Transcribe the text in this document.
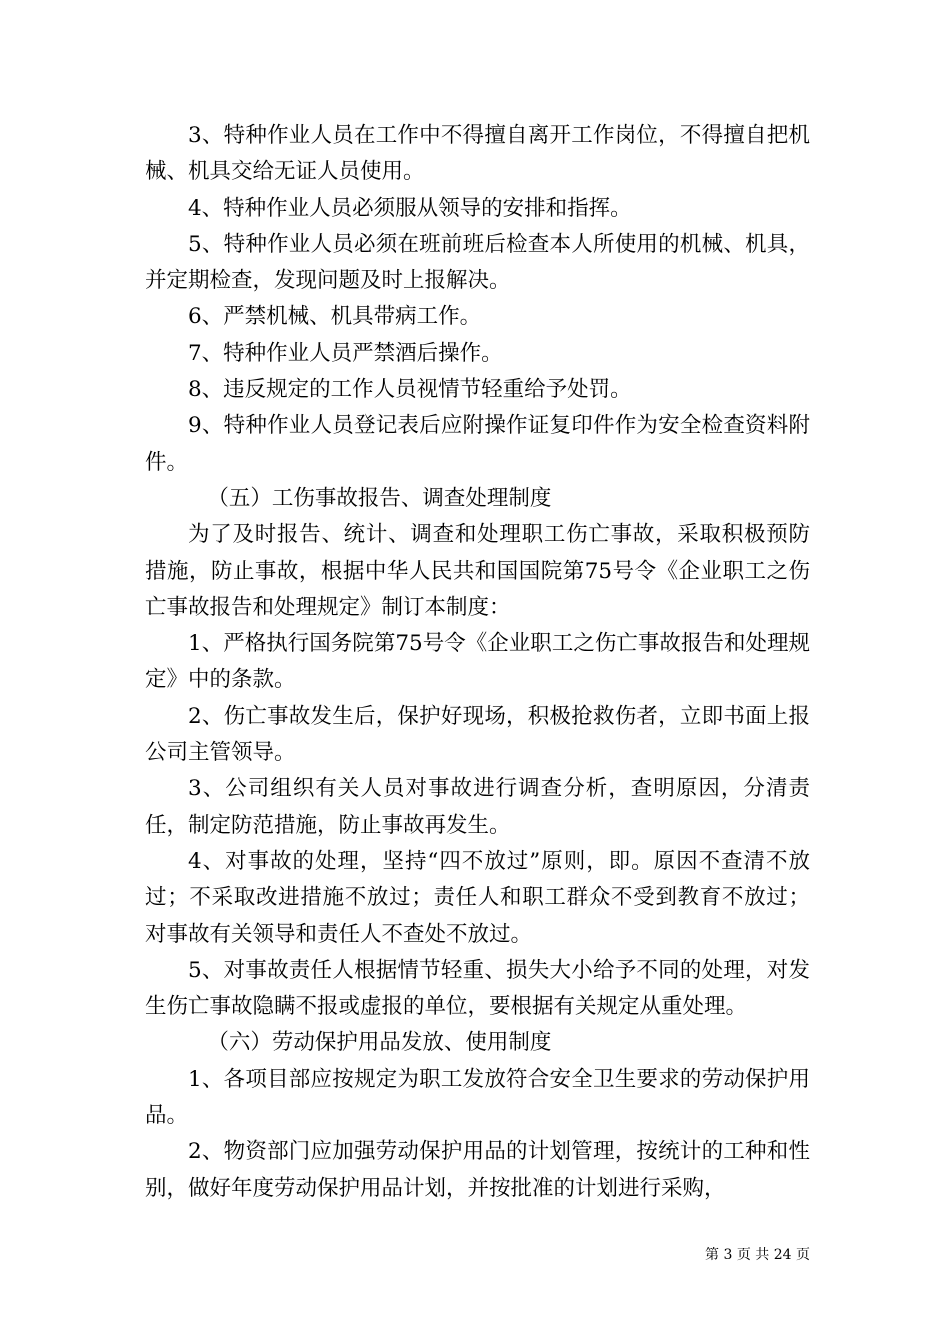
3、特种作业人员在工作中不得擅自离开工作岗位，不得擅自把机械、机具交给无证人员使用。

4、特种作业人员必须服从领导的安排和指挥。

5、特种作业人员必须在班前班后检查本人所使用的机械、机具，并定期检查，发现问题及时上报解决。

6、严禁机械、机具带病工作。

7、特种作业人员严禁酒后操作。

8、违反规定的工作人员视情节轻重给予处罚。

9、特种作业人员登记表后应附操作证复印件作为安全检查资料附件。

（五）工伤事故报告、调查处理制度

为了及时报告、统计、调查和处理职工伤亡事故，采取积极预防措施，防止事故，根据中华人民共和国国院第75号令《企业职工之伤亡事故报告和处理规定》制订本制度：

1、严格执行国务院第75号令《企业职工之伤亡事故报告和处理规定》中的条款。

2、伤亡事故发生后，保护好现场，积极抢救伤者，立即书面上报公司主管领导。

3、公司组织有关人员对事故进行调查分析，查明原因，分清责任，制定防范措施，防止事故再发生。

4、对事故的处理，坚持“四不放过”原则，即。原因不查清不放过；不采取改进措施不放过；责任人和职工群众不受到教育不放过；对事故有关领导和责任人不查处不放过。

5、对事故责任人根据情节轻重、损失大小给予不同的处理，对发生伤亡事故隐瞒不报或虚报的单位，要根据有关规定从重处理。

（六）劳动保护用品发放、使用制度

1、各项目部应按规定为职工发放符合安全卫生要求的劳动保护用品。

2、物资部门应加强劳动保护用品的计划管理，按统计的工种和性别，做好年度劳动保护用品计划，并按批准的计划进行采购，

第 3 页 共 24 页
